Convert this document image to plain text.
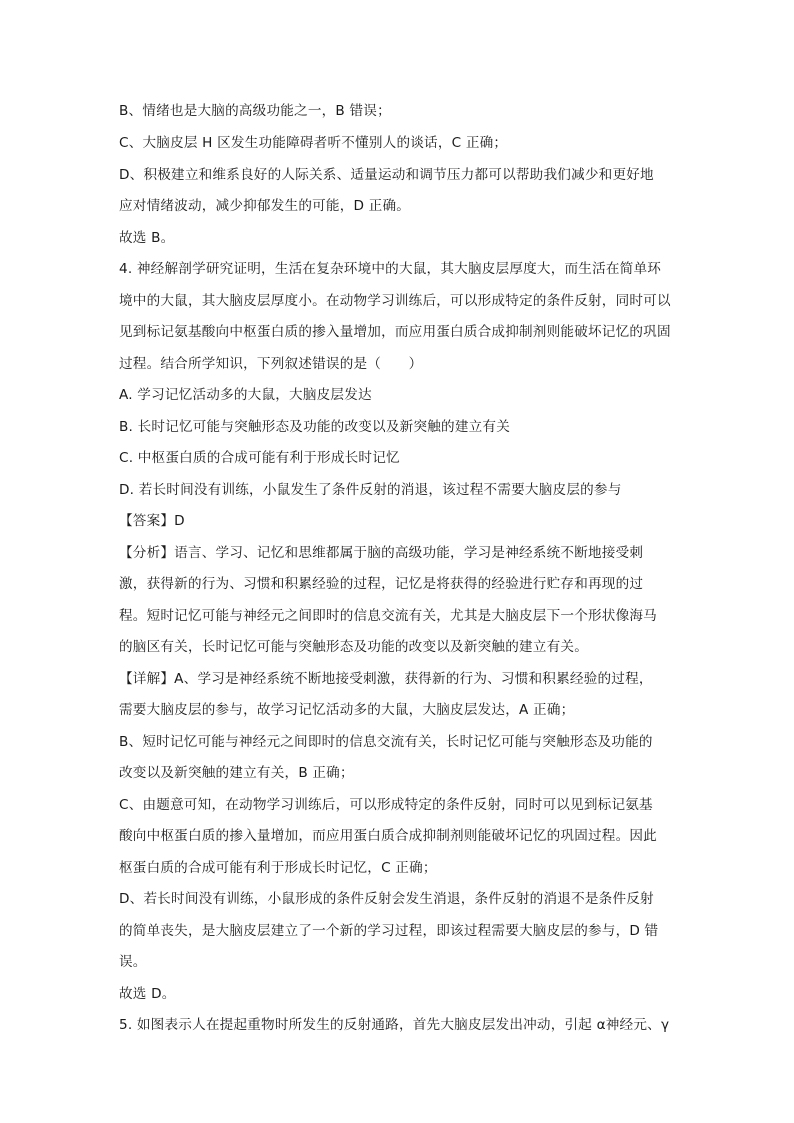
B、情绪也是大脑的高级功能之一，B 错误；
C、大脑皮层 H 区发生功能障碍者听不懂别人的谈话，C 正确；
D、积极建立和维系良好的人际关系、适量运动和调节压力都可以帮助我们减少和更好地
应对情绪波动，减少抑郁发生的可能，D 正确。
故选 B。
4. 神经解剖学研究证明，生活在复杂环境中的大鼠，其大脑皮层厚度大，而生活在简单环
境中的大鼠，其大脑皮层厚度小。在动物学习训练后，可以形成特定的条件反射，同时可以
见到标记氨基酸向中枢蛋白质的掺入量增加，而应用蛋白质合成抑制剂则能破坏记忆的巩固
过程。结合所学知识，下列叙述错误的是（　　）
A. 学习记忆活动多的大鼠，大脑皮层发达
B. 长时记忆可能与突触形态及功能的改变以及新突触的建立有关
C. 中枢蛋白质的合成可能有利于形成长时记忆
D. 若长时间没有训练，小鼠发生了条件反射的消退，该过程不需要大脑皮层的参与
【答案】D
【分析】语言、学习、记忆和思维都属于脑的高级功能，学习是神经系统不断地接受刺
激，获得新的行为、习惯和积累经验的过程，记忆是将获得的经验进行贮存和再现的过
程。短时记忆可能与神经元之间即时的信息交流有关，尤其是大脑皮层下一个形状像海马
的脑区有关，长时记忆可能与突触形态及功能的改变以及新突触的建立有关。
【详解】A、学习是神经系统不断地接受刺激，获得新的行为、习惯和积累经验的过程，
需要大脑皮层的参与，故学习记忆活动多的大鼠，大脑皮层发达，A 正确；
B、短时记忆可能与神经元之间即时的信息交流有关，长时记忆可能与突触形态及功能的
改变以及新突触的建立有关，B 正确；
C、由题意可知，在动物学习训练后，可以形成特定的条件反射，同时可以见到标记氨基
酸向中枢蛋白质的掺入量增加，而应用蛋白质合成抑制剂则能破坏记忆的巩固过程。因此
枢蛋白质的合成可能有利于形成长时记忆，C 正确；
D、若长时间没有训练，小鼠形成的条件反射会发生消退，条件反射的消退不是条件反射
的简单丧失，是大脑皮层建立了一个新的学习过程，即该过程需要大脑皮层的参与，D 错
误。
故选 D。
5. 如图表示人在提起重物时所发生的反射通路，首先大脑皮层发出冲动，引起 α神经元、γ
